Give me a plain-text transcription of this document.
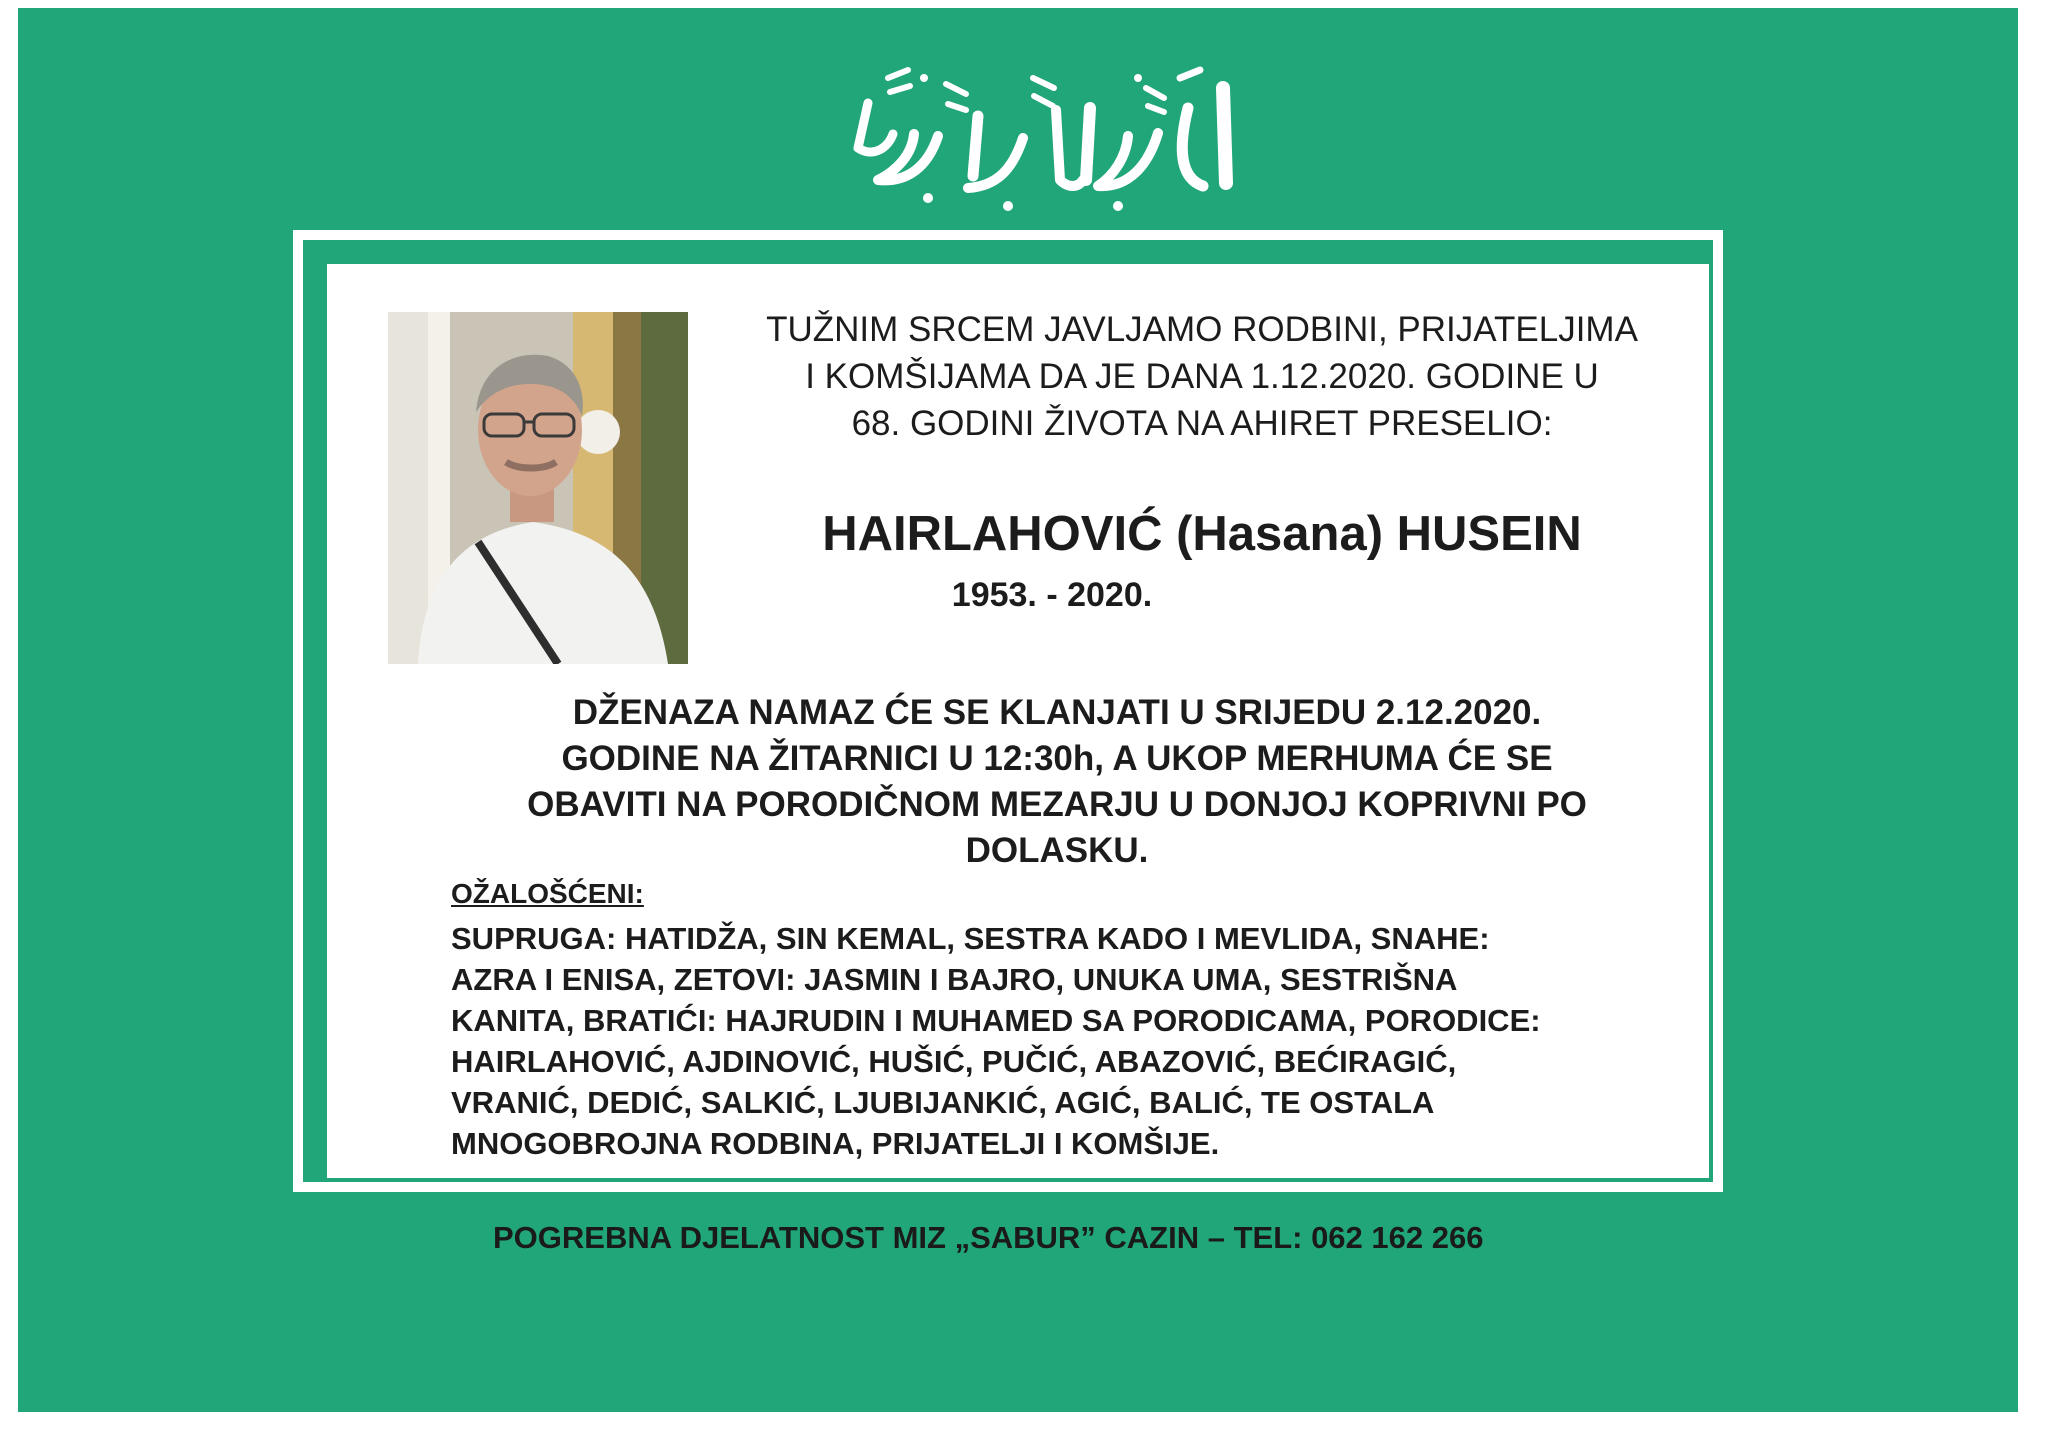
TUŽNIM SRCEM JAVLJAMO RODBINI, PRIJATELJIMA
I KOMŠIJAMA DA JE DANA 1.12.2020. GODINE U
68. GODINI ŽIVOTA NA AHIRET PRESELIO:

HAIRLAHOVIĆ (Hasana) HUSEIN

1953. - 2020.

DŽENAZA NAMAZ ĆE SE KLANJATI U SRIJEDU 2.12.2020.
GODINE NA ŽITARNICI U 12:30h, A UKOP MERHUMA ĆE SE
OBAVITI NA PORODIČNOM MEZARJU U DONJOJ KOPRIVNI PO
DOLASKU.

OŽALOŠĆENI:

SUPRUGA: HATIDŽA, SIN KEMAL, SESTRA KADO I MEVLIDA, SNAHE:
AZRA I ENISA, ZETOVI: JASMIN I BAJRO, UNUKA UMA, SESTRIŠNA
KANITA, BRATIĆI: HAJRUDIN I MUHAMED SA PORODICAMA, PORODICE:
HAIRLAHOVIĆ, AJDINOVIĆ, HUŠIĆ, PUČIĆ, ABAZOVIĆ, BEĆIRAGIĆ,
VRANIĆ, DEDIĆ, SALKIĆ, LJUBIJANKIĆ, AGIĆ, BALIĆ, TE OSTALA
MNOGOBROJNA RODBINA, PRIJATELJI I KOMŠIJE.

POGREBNA DJELATNOST MIZ „SABUR” CAZIN – TEL: 062 162 266
